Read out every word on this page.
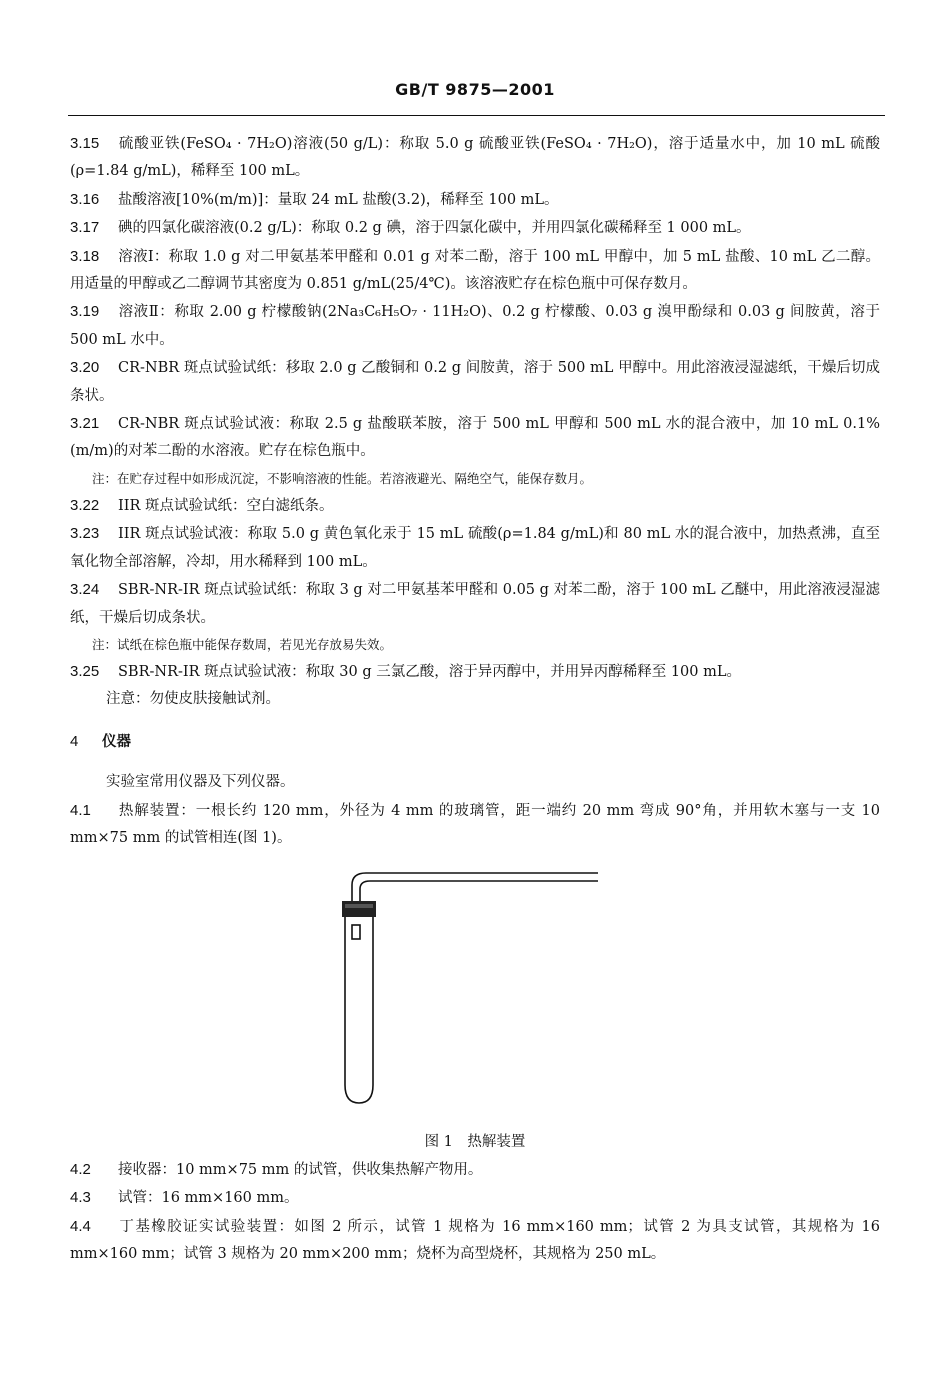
GB/T 9875—2001

3.15 硫酸亚铁(FeSO₄ · 7H₂O)溶液(50 g/L)：称取 5.0 g 硫酸亚铁(FeSO₄ · 7H₂O)，溶于适量水中，加 10 mL 硫酸(ρ=1.84 g/mL)，稀释至 100 mL。

3.16 盐酸溶液[10%(m/m)]：量取 24 mL 盐酸(3.2)，稀释至 100 mL。

3.17 碘的四氯化碳溶液(0.2 g/L)：称取 0.2 g 碘，溶于四氯化碳中，并用四氯化碳稀释至 1 000 mL。

3.18 溶液Ⅰ：称取 1.0 g 对二甲氨基苯甲醛和 0.01 g 对苯二酚，溶于 100 mL 甲醇中，加 5 mL 盐酸、10 mL 乙二醇。用适量的甲醇或乙二醇调节其密度为 0.851 g/mL(25/4℃)。该溶液贮存在棕色瓶中可保存数月。

3.19 溶液Ⅱ：称取 2.00 g 柠檬酸钠(2Na₃C₆H₅O₇ · 11H₂O)、0.2 g 柠檬酸、0.03 g 溴甲酚绿和 0.03 g 间胺黄，溶于 500 mL 水中。

3.20 CR-NBR 斑点试验试纸：移取 2.0 g 乙酸铜和 0.2 g 间胺黄，溶于 500 mL 甲醇中。用此溶液浸湿滤纸，干燥后切成条状。

3.21 CR-NBR 斑点试验试液：称取 2.5 g 盐酸联苯胺，溶于 500 mL 甲醇和 500 mL 水的混合液中，加 10 mL 0.1%(m/m)的对苯二酚的水溶液。贮存在棕色瓶中。

注：在贮存过程中如形成沉淀，不影响溶液的性能。若溶液避光、隔绝空气，能保存数月。

3.22 IIR 斑点试验试纸：空白滤纸条。

3.23 IIR 斑点试验试液：称取 5.0 g 黄色氧化汞于 15 mL 硫酸(ρ=1.84 g/mL)和 80 mL 水的混合液中，加热煮沸，直至氧化物全部溶解，冷却，用水稀释到 100 mL。

3.24 SBR-NR-IR 斑点试验试纸：称取 3 g 对二甲氨基苯甲醛和 0.05 g 对苯二酚，溶于 100 mL 乙醚中，用此溶液浸湿滤纸，干燥后切成条状。

注：试纸在棕色瓶中能保存数周，若见光存放易失效。

3.25 SBR-NR-IR 斑点试验试液：称取 30 g 三氯乙酸，溶于异丙醇中，并用异丙醇稀释至 100 mL。

注意：勿使皮肤接触试剂。

4 仪器

实验室常用仪器及下列仪器。

4.1 热解装置：一根长约 120 mm，外径为 4 mm 的玻璃管，距一端约 20 mm 弯成 90°角，并用软木塞与一支 10 mm×75 mm 的试管相连(图 1)。

图 1　热解装置

4.2 接收器：10 mm×75 mm 的试管，供收集热解产物用。

4.3 试管：16 mm×160 mm。

4.4 丁基橡胶证实试验装置：如图 2 所示，试管 1 规格为 16 mm×160 mm；试管 2 为具支试管，其规格为 16 mm×160 mm；试管 3 规格为 20 mm×200 mm；烧杯为高型烧杯，其规格为 250 mL。
